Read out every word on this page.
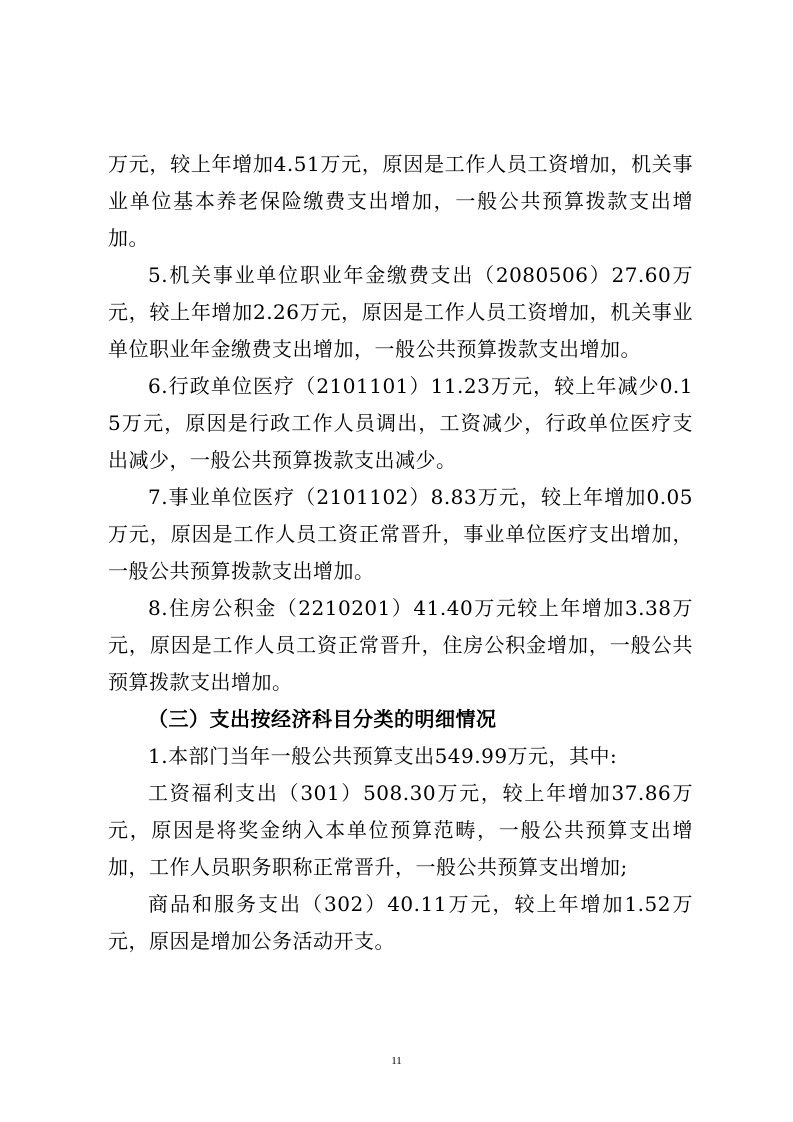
万元，较上年增加4.51万元，原因是工作人员工资增加，机关事业单位基本养老保险缴费支出增加，一般公共预算拨款支出增加。

5.机关事业单位职业年金缴费支出（2080506）27.60万元，较上年增加2.26万元，原因是工作人员工资增加，机关事业单位职业年金缴费支出增加，一般公共预算拨款支出增加。

6.行政单位医疗（2101101）11.23万元，较上年减少0.15万元，原因是行政工作人员调出，工资减少，行政单位医疗支出减少，一般公共预算拨款支出减少。

7.事业单位医疗（2101102）8.83万元，较上年增加0.05万元，原因是工作人员工资正常晋升，事业单位医疗支出增加，一般公共预算拨款支出增加。

8.住房公积金（2210201）41.40万元较上年增加3.38万元，原因是工作人员工资正常晋升，住房公积金增加，一般公共预算拨款支出增加。

（三）支出按经济科目分类的明细情况

1.本部门当年一般公共预算支出549.99万元，其中:

工资福利支出（301）508.30万元，较上年增加37.86万元，原因是将奖金纳入本单位预算范畴，一般公共预算支出增加，工作人员职务职称正常晋升，一般公共预算支出增加;

商品和服务支出（302）40.11万元，较上年增加1.52万元，原因是增加公务活动开支。

11
